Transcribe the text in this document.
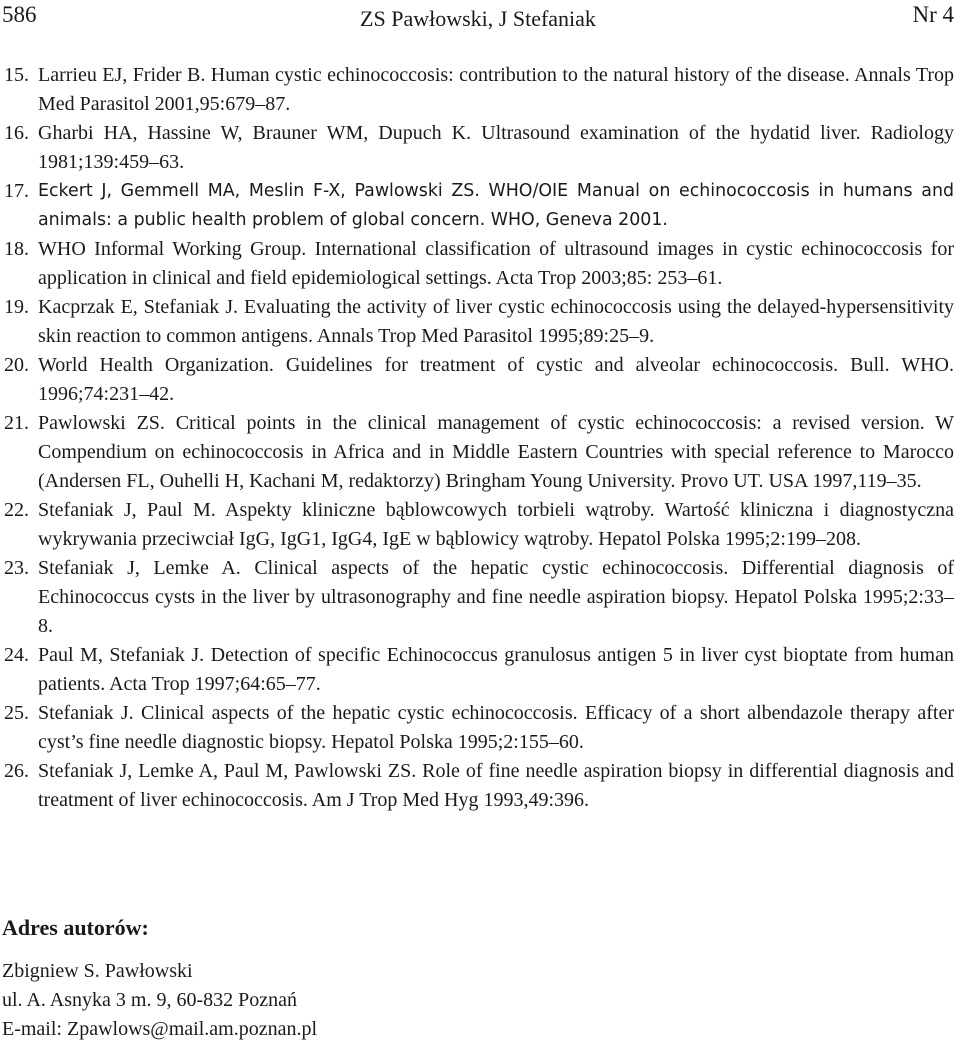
586	ZS Pawłowski, J Stefaniak	Nr 4
15. Larrieu EJ, Frider B. Human cystic echinococcosis: contribution to the natural history of the disease. Annals Trop Med Parasitol 2001,95:679–87.
16. Gharbi HA, Hassine W, Brauner WM, Dupuch K. Ultrasound examination of the hydatid liver. Radiology 1981;139:459–63.
17. Eckert J, Gemmell MA, Meslin F-X, Pawlowski ZS. WHO/OIE Manual on echinococcosis in humans and animals: a public health problem of global concern. WHO, Geneva 2001.
18. WHO Informal Working Group. International classification of ultrasound images in cystic echinococcosis for application in clinical and field epidemiological settings. Acta Trop 2003;85: 253–61.
19. Kacprzak E, Stefaniak J. Evaluating the activity of liver cystic echinococcosis using the delayed-hypersensitivity skin reaction to common antigens. Annals Trop Med Parasitol 1995;89:25–9.
20. World Health Organization. Guidelines for treatment of cystic and alveolar echinococcosis. Bull. WHO. 1996;74:231–42.
21. Pawlowski ZS. Critical points in the clinical management of cystic echinococcosis: a revised version. W Compendium on echinococcosis in Africa and in Middle Eastern Countries with special reference to Marocco (Andersen FL, Ouhelli H, Kachani M, redaktorzy) Bringham Young University. Provo UT. USA 1997,119–35.
22. Stefaniak J, Paul M. Aspekty kliniczne bąblowcowych torbieli wątroby. Wartość kliniczna i diagnostyczna wykrywania przeciwciał IgG, IgG1, IgG4, IgE w bąblowicy wątroby. Hepatol Polska 1995;2:199–208.
23. Stefaniak J, Lemke A. Clinical aspects of the hepatic cystic echinococcosis. Differential diagnosis of Echinococcus cysts in the liver by ultrasonography and fine needle aspiration biopsy. Hepatol Polska 1995;2:33–8.
24. Paul M, Stefaniak J. Detection of specific Echinococcus granulosus antigen 5 in liver cyst bioptаte from human patients. Acta Trop 1997;64:65–77.
25. Stefaniak J. Clinical aspects of the hepatic cystic echinococcosis. Efficacy of a short albendazole therapy after cyst’s fine needle diagnostic biopsy. Hepatol Polska 1995;2:155–60.
26. Stefaniak J, Lemke A, Paul M, Pawlowski ZS. Role of fine needle aspiration biopsy in differential diagnosis and treatment of liver echinococcosis. Am J Trop Med Hyg 1993,49:396.
Adres autorów:
Zbigniew S. Pawłowski
ul. A. Asnyka 3 m. 9, 60-832 Poznań
E-mail: Zpawlows@mail.am.poznan.pl
